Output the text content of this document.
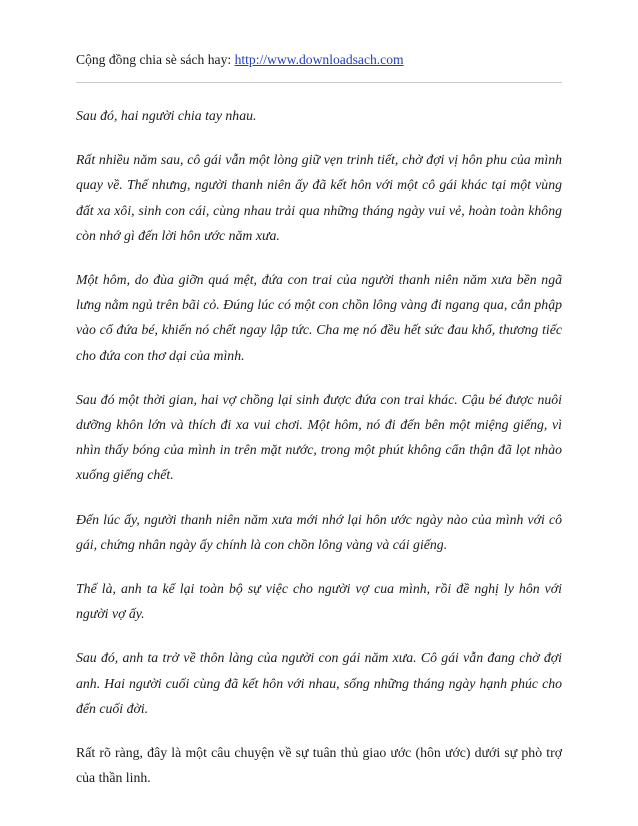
Cộng đồng chia sè sách hay: http://www.downloadsach.com

Sau đó, hai người chia tay nhau.

Rất nhiều năm sau, cô gái vẫn một lòng giữ vẹn trinh tiết, chờ đợi vị hôn phu của mình quay về. Thế nhưng, người thanh niên ấy đã kết hôn với một cô gái khác tại một vùng đất xa xôi, sinh con cái, cùng nhau trải qua những tháng ngày vui vẻ, hoàn toàn không còn nhớ gì đến lời hôn ước năm xưa.

Một hôm, do đùa giỡn quá mệt, đứa con trai của người thanh niên năm xưa bền ngã lưng nằm ngủ trên bãi cỏ. Đúng lúc có một con chồn lông vàng đi ngang qua, cắn phập vào cổ đứa bé, khiến nó chết ngay lập tức. Cha mẹ nó đều hết sức đau khổ, thương tiếc cho đứa con thơ dại của mình.

Sau đó một thời gian, hai vợ chồng lại sinh được đứa con trai khác. Cậu bé được nuôi dưỡng khôn lớn và thích đi xa vui chơi. Một hôm, nó đi đến bên một miệng giếng, vì nhìn thấy bóng của mình in trên mặt nước, trong một phút không cẩn thận đã lọt nhào xuống giếng chết.

Đến lúc ấy, người thanh niên năm xưa mới nhớ lại hôn ước ngày nào của mình với cô gái, chứng nhân ngày ấy chính là con chồn lông vàng và cái giếng.

Thế là, anh ta kể lại toàn bộ sự việc cho người vợ cua mình, rồi đề nghị ly hôn với người vợ ấy.

Sau đó, anh ta trở về thôn làng của người con gái năm xưa. Cô gái vẫn đang chờ đợi anh. Hai người cuối cùng đã kết hôn với nhau, sống những tháng ngày hạnh phúc cho đến cuối đời.

Rất rõ ràng, đây là một câu chuyện về sự tuân thủ giao ước (hôn ước) dưới sự phò trợ của thần linh.
